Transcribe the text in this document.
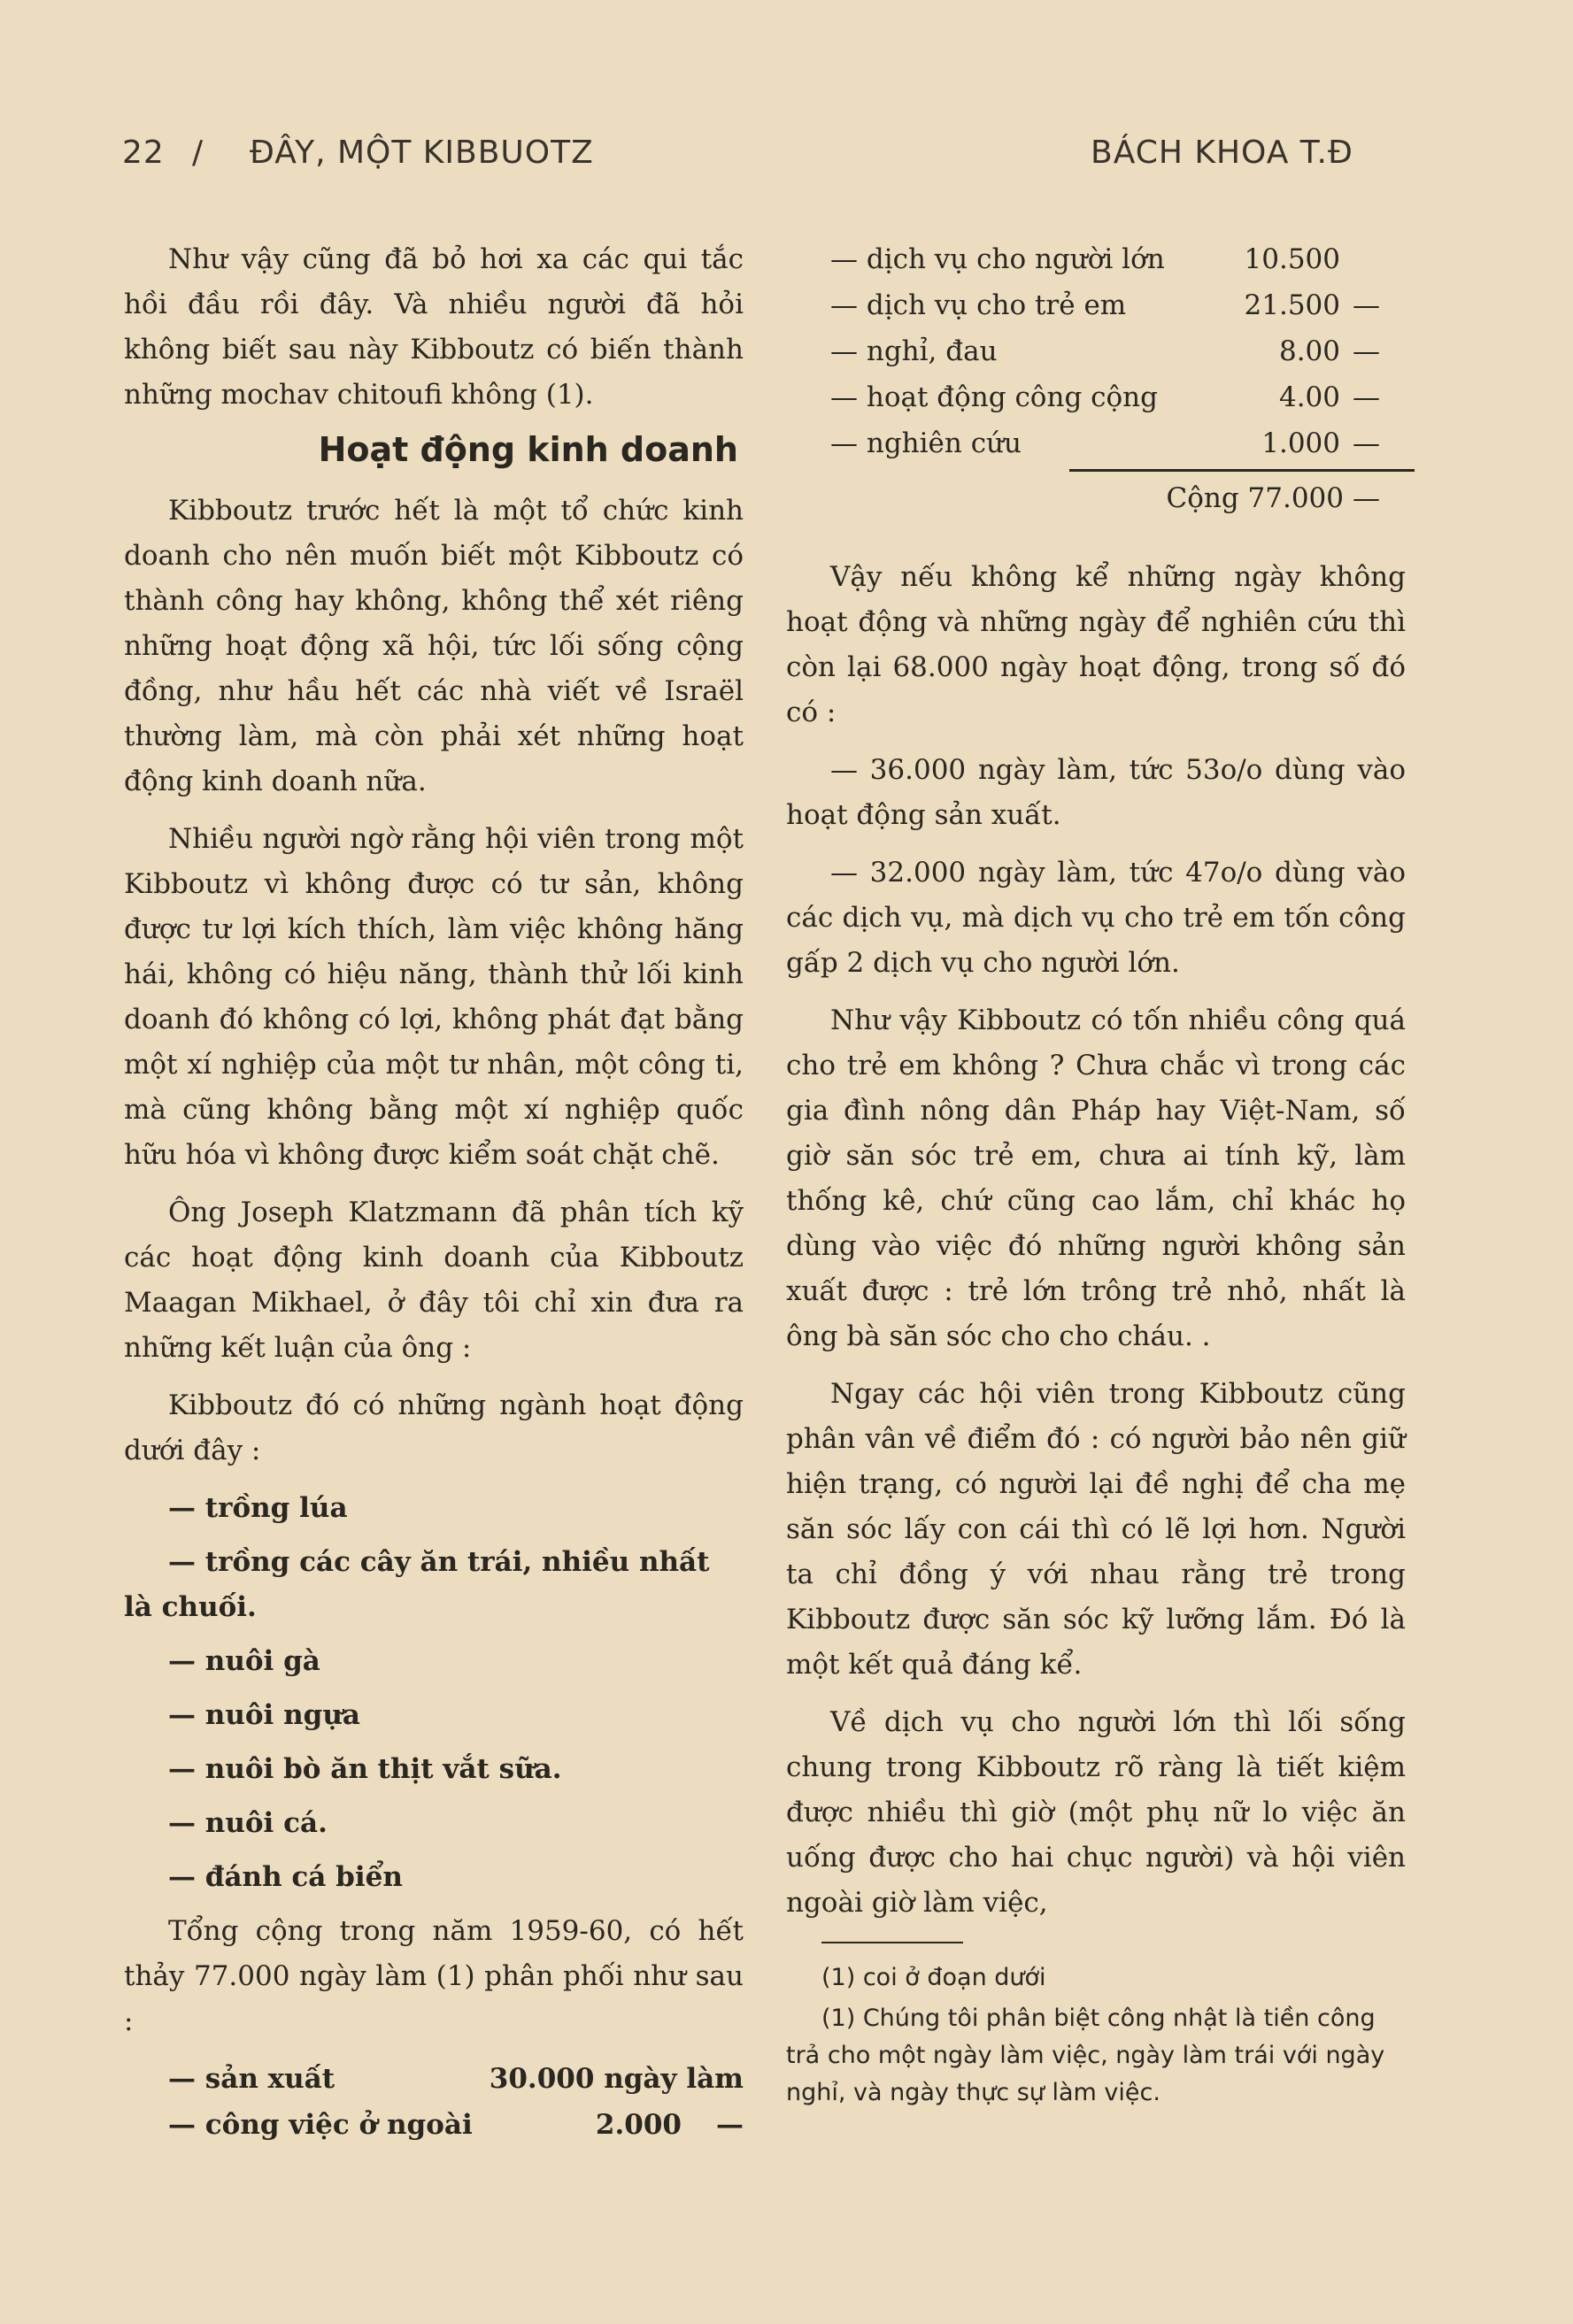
22 / ĐÂY, MỘT KIBBUOTZ	BÁCH KHOA T.Đ

Như vậy cũng đã bỏ hơi xa các qui tắc hồi đầu rồi đây. Và nhiều người đã hỏi không biết sau này Kibboutz có biến thành những mochav chitoufi không (1).

Hoạt động kinh doanh

Kibboutz trước hết là một tổ chức kinh doanh cho nên muốn biết một Kibboutz có thành công hay không, không thể xét riêng những hoạt động xã hội, tức lối sống cộng đồng, như hầu hết các nhà viết về Israël thường làm, mà còn phải xét những hoạt động kinh doanh nữa.

Nhiều người ngờ rằng hội viên trong một Kibboutz vì không được có tư sản, không được tư lợi kích thích, làm việc không hăng hái, không có hiệu năng, thành thử lối kinh doanh đó không có lợi, không phát đạt bằng một xí nghiệp của một tư nhân, một công ti, mà cũng không bằng một xí nghiệp quốc hữu hóa vì không được kiểm soát chặt chẽ.

Ông Joseph Klatzmann đã phân tích kỹ các hoạt động kinh doanh của Kibboutz Maagan Mikhael, ở đây tôi chỉ xin đưa ra những kết luận của ông :

Kibboutz đó có những ngành hoạt động dưới đây :

— trồng lúa
— trồng các cây ăn trái, nhiều nhất là chuối.
— nuôi gà
— nuôi ngựa
— nuôi bò ăn thịt vắt sữa.
— nuôi cá.
— đánh cá biển

Tổng cộng trong năm 1959-60, có hết thảy 77.000 ngày làm (1) phân phối như sau :

— sản xuất	30.000 ngày làm
— công việc ở ngoài	2.000	—
— dịch vụ cho người lớn	10.500
— dịch vụ cho trẻ em	21.500 —
— nghỉ, đau	8.00 —
— hoạt động công cộng	4.00 —
— nghiên cứu	1.000 —
Cộng 77.000 —

Vậy nếu không kể những ngày không hoạt động và những ngày để nghiên cứu thì còn lại 68.000 ngày hoạt động, trong số đó có :

— 36.000 ngày làm, tức 53o/o dùng vào hoạt động sản xuất.

— 32.000 ngày làm, tức 47o/o dùng vào các dịch vụ, mà dịch vụ cho trẻ em tốn công gấp 2 dịch vụ cho người lớn.

Như vậy Kibboutz có tốn nhiều công quá cho trẻ em không ? Chưa chắc vì trong các gia đình nông dân Pháp hay Việt-Nam, số giờ săn sóc trẻ em, chưa ai tính kỹ, làm thống kê, chứ cũng cao lắm, chỉ khác họ dùng vào việc đó những người không sản xuất được : trẻ lớn trông trẻ nhỏ, nhất là ông bà săn sóc cho cho cháu. .

Ngay các hội viên trong Kibboutz cũng phân vân về điểm đó : có người bảo nên giữ hiện trạng, có người lại đề nghị để cha mẹ săn sóc lấy con cái thì có lẽ lợi hơn. Người ta chỉ đồng ý với nhau rằng trẻ trong Kibboutz được săn sóc kỹ lưỡng lắm. Đó là một kết quả đáng kể.

Về dịch vụ cho người lớn thì lối sống chung trong Kibboutz rõ ràng là tiết kiệm được nhiều thì giờ (một phụ nữ lo việc ăn uống được cho hai chục người) và hội viên ngoài giờ làm việc,

(1) coi ở đoạn dưới

(1) Chúng tôi phân biệt công nhật là tiền công trả cho một ngày làm việc, ngày làm trái với ngày nghỉ, và ngày thực sự làm việc.
